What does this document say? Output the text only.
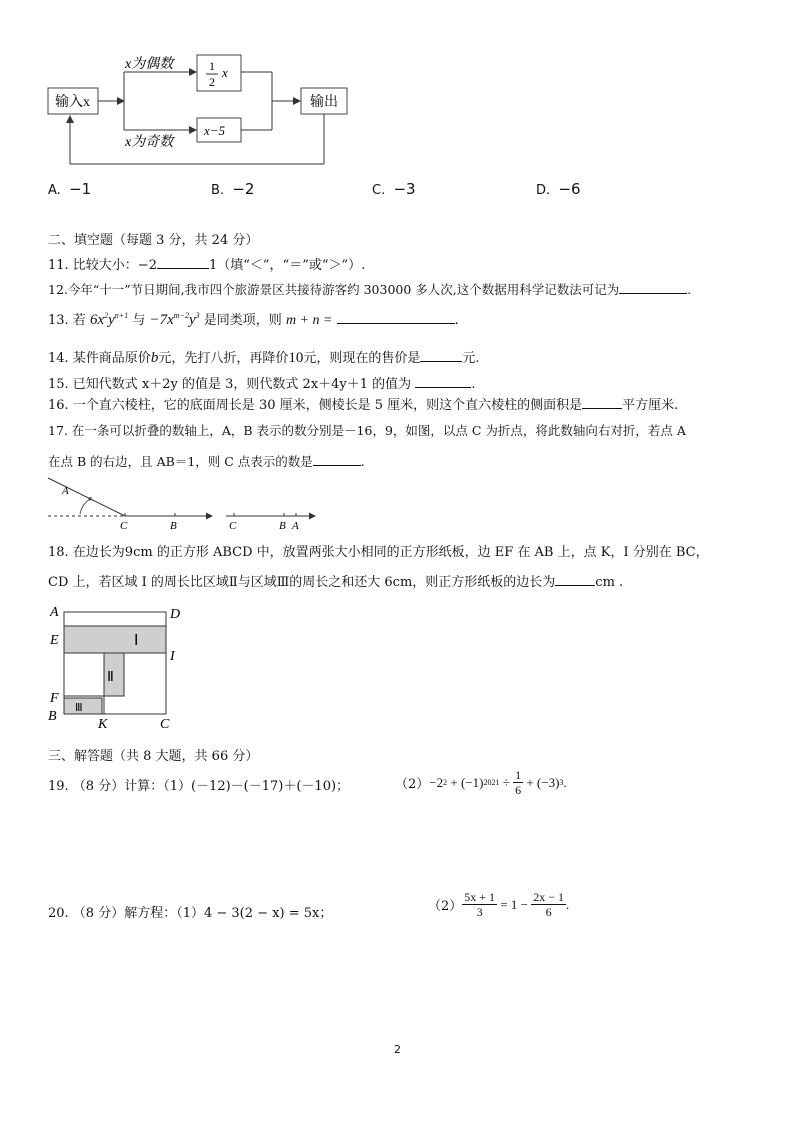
输入x
x为偶数
x为奇数
1
2
x
x−5
输出
A. −1	B. −2	C. −3	D. −6
二、填空题（每题 3 分，共 24 分）
11. 比较大小：−2	1（填“＜”，“＝”或“＞”）.
12.今年“十一”节日期间,我市四个旅游景区共接待游客约 303000 多人次,这个数据用科学记数法可记为	.
13. 若 $6x^2y^{n+1}$ 与 $-7x^{m-2}y^3$ 是同类项，则 m + n =	.
14. 某件商品原价b元，先打八折，再降价10元，则现在的售价是	元.
15. 已知代数式 x＋2y 的值是 3，则代数式 2x＋4y＋1 的值为	.
16. 一个直六棱柱，它的底面周长是 30 厘米，侧棱长是 5 厘米，则这个直六棱柱的侧面积是	平方厘米.
17. 在一条可以折叠的数轴上，A，B 表示的数分别是－16，9，如图，以点 C 为折点，将此数轴向右对折，若点 A
在点 B 的右边，且 AB＝1，则 C 点表示的数是	.
A
C	B	C	B A
18. 在边长为9cm 的正方形 ABCD 中，放置两张大小相同的正方形纸板，边 EF 在 AB 上，点 K，I 分别在 BC，
CD 上，若区域 I 的周长比区域Ⅱ与区域Ⅲ的周长之和还大 6cm，则正方形纸板的边长为	cm .
A	D
E
I
F
B
K	C
Ⅰ
Ⅱ
Ⅲ
三、解答题（共 8 大题，共 66 分）
19. （8 分）计算：（1）(－12)－(－17)＋(－10)；	（2） −2 2
+ (−1) 2021
÷
$\frac{1}{6}$
+ (−3) 3 .
20. （8 分）解方程：（1）4 − 3(2 − x) = 5x；	$(2) \frac{5x + 1}{3}$
= 1 −
$\frac{2x - 1}{6}$ .
2
